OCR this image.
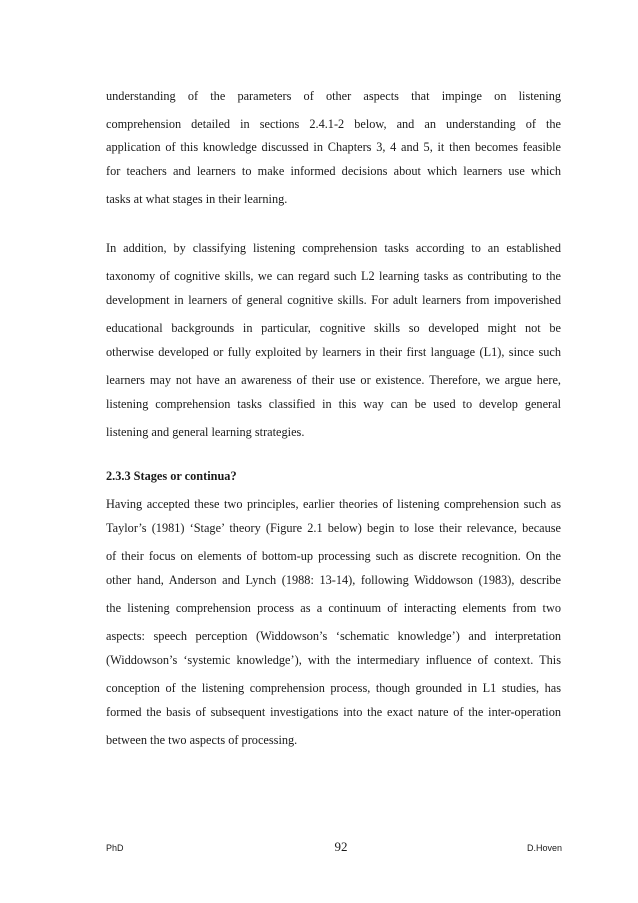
understanding of the parameters of other aspects that impinge on listening
comprehension detailed in sections 2.4.1-2 below, and an understanding of the
application of this knowledge discussed in Chapters 3, 4 and 5, it then becomes feasible
for teachers and learners to make informed decisions about which learners use which
tasks at what stages in their learning.
In addition, by classifying listening comprehension tasks according to an established
taxonomy of cognitive skills, we can regard such L2 learning tasks as contributing to the
development in learners of general cognitive skills. For adult learners from impoverished
educational backgrounds in particular, cognitive skills so developed might not be
otherwise developed or fully exploited by learners in their first language (L1), since such
learners may not have an awareness of their use or existence. Therefore, we argue here,
listening comprehension tasks classified in this way can be used to develop general
listening and general learning strategies.
2.3.3 Stages or continua?
Having accepted these two principles, earlier theories of listening comprehension such as
Taylor’s (1981) ‘Stage’ theory (Figure 2.1 below) begin to lose their relevance, because
of their focus on elements of bottom-up processing such as discrete recognition. On the
other hand, Anderson and Lynch (1988: 13-14), following Widdowson (1983), describe
the listening comprehension process as a continuum of interacting elements from two
aspects: speech perception (Widdowson’s ‘schematic knowledge’) and interpretation
(Widdowson’s ‘systemic knowledge’), with the intermediary influence of context. This
conception of the listening comprehension process, though grounded in L1 studies, has
formed the basis of subsequent investigations into the exact nature of the inter-operation
between the two aspects of processing.
PhD	92	D.Hoven
